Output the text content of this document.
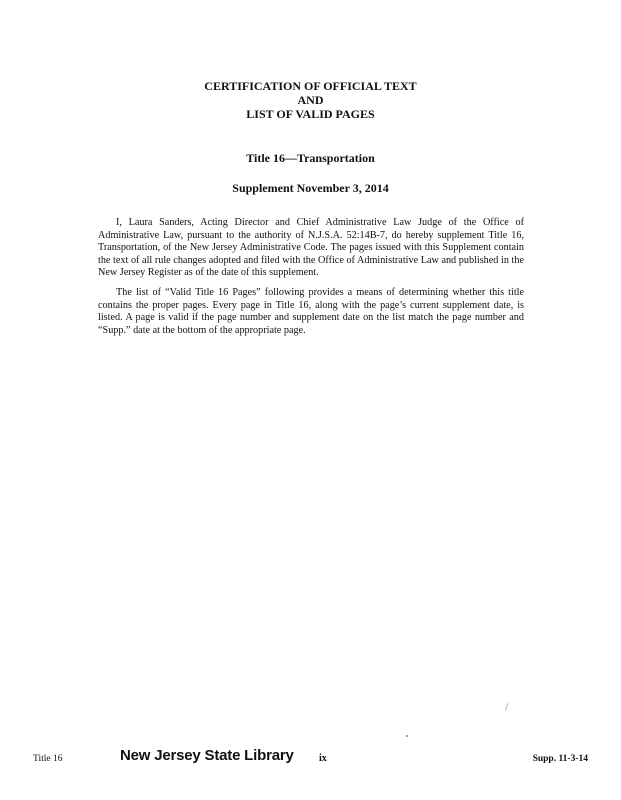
CERTIFICATION OF OFFICIAL TEXT

AND

LIST OF VALID PAGES

Title 16—Transportation

Supplement November 3, 2014

I, Laura Sanders, Acting Director and Chief Administrative Law Judge of the Office of Administrative Law, pursuant to the authority of N.J.S.A. 52:14B-7, do hereby supplement Title 16, Transportation, of the New Jersey Administrative Code. The pages issued with this Supplement contain the text of all rule changes adopted and filed with the Office of Administrative Law and published in the New Jersey Register as of the date of this supplement.

The list of “Valid Title 16 Pages” following provides a means of determining whether this title contains the proper pages. Every page in Title 16, along with the page’s current supplement date, is listed. A page is valid if the page number and supplement date on the list match the page number and “Supp.” date at the bottom of the appropriate page.

Title 16	New Jersey State Library	ix	Supp. 11-3-14
